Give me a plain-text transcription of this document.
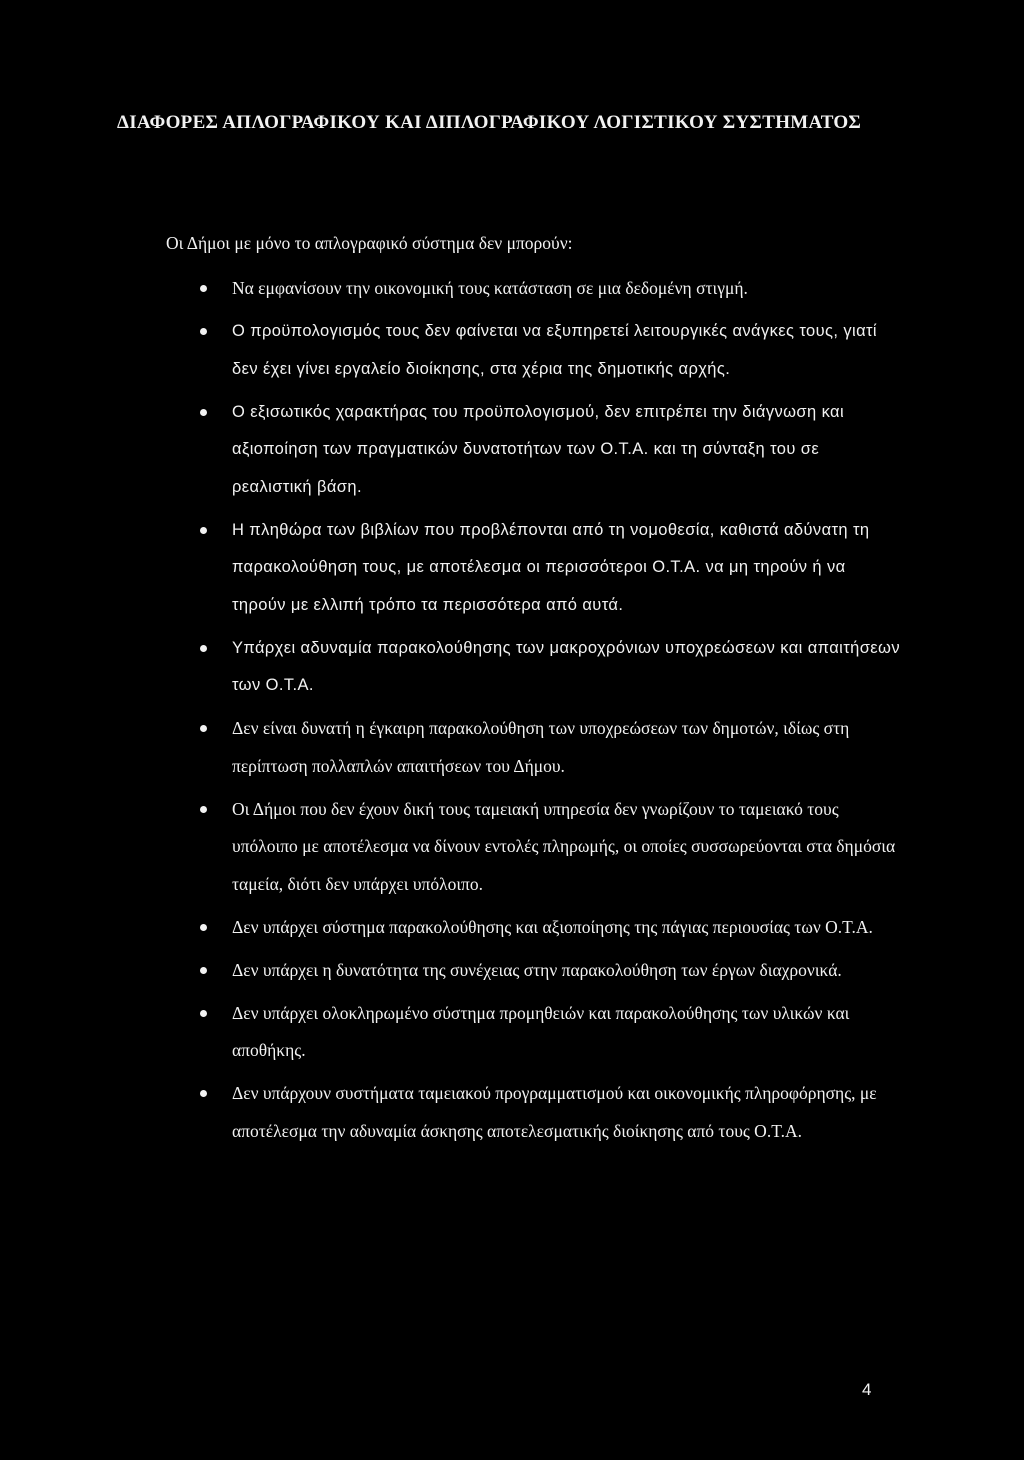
ΔΙΑΦΟΡΕΣ ΑΠΛΟΓΡΑΦΙΚΟΥ ΚΑΙ ΔΙΠΛΟΓΡΑΦΙΚΟΥ ΛΟΓΙΣΤΙΚΟΥ ΣΥΣΤΗΜΑΤΟΣ

Οι Δήμοι με μόνο το απλογραφικό σύστημα δεν μπορούν:

Να εμφανίσουν την οικονομική τους κατάσταση σε μια δεδομένη στιγμή.
Ο προϋπολογισμός τους δεν φαίνεται να εξυπηρετεί λειτουργικές ανάγκες τους, γιατί δεν έχει γίνει εργαλείο διοίκησης, στα χέρια της δημοτικής αρχής.
Ο εξισωτικός χαρακτήρας του προϋπολογισμού, δεν επιτρέπει την διάγνωση και αξιοποίηση των πραγματικών δυνατοτήτων των Ο.Τ.Α. και τη σύνταξη του σε ρεαλιστική βάση.
Η πληθώρα των βιβλίων που προβλέπονται από τη νομοθεσία, καθιστά αδύνατη τη παρακολούθηση τους, με αποτέλεσμα οι περισσότεροι Ο.Τ.Α. να μη τηρούν ή να τηρούν με ελλιπή τρόπο τα περισσότερα από αυτά.
Υπάρχει αδυναμία παρακολούθησης των μακροχρόνιων υποχρεώσεων και απαιτήσεων των Ο.Τ.Α.
Δεν είναι δυνατή η έγκαιρη παρακολούθηση των υποχρεώσεων των δημοτών, ιδίως στη περίπτωση πολλαπλών απαιτήσεων του Δήμου.
Οι Δήμοι που δεν έχουν δική τους ταμειακή υπηρεσία δεν γνωρίζουν το ταμειακό τους υπόλοιπο με αποτέλεσμα να δίνουν εντολές πληρωμής, οι οποίες συσσωρεύονται στα δημόσια ταμεία, διότι δεν υπάρχει υπόλοιπο.
Δεν υπάρχει σύστημα παρακολούθησης και αξιοποίησης της πάγιας περιουσίας των Ο.Τ.Α.
Δεν υπάρχει η δυνατότητα της συνέχειας στην παρακολούθηση των έργων διαχρονικά.
Δεν υπάρχει ολοκληρωμένο σύστημα προμηθειών και παρακολούθησης των υλικών και αποθήκης.
Δεν υπάρχουν συστήματα ταμειακού προγραμματισμού και οικονομικής πληροφόρησης, με αποτέλεσμα την αδυναμία άσκησης αποτελεσματικής διοίκησης από τους Ο.Τ.Α.
4
